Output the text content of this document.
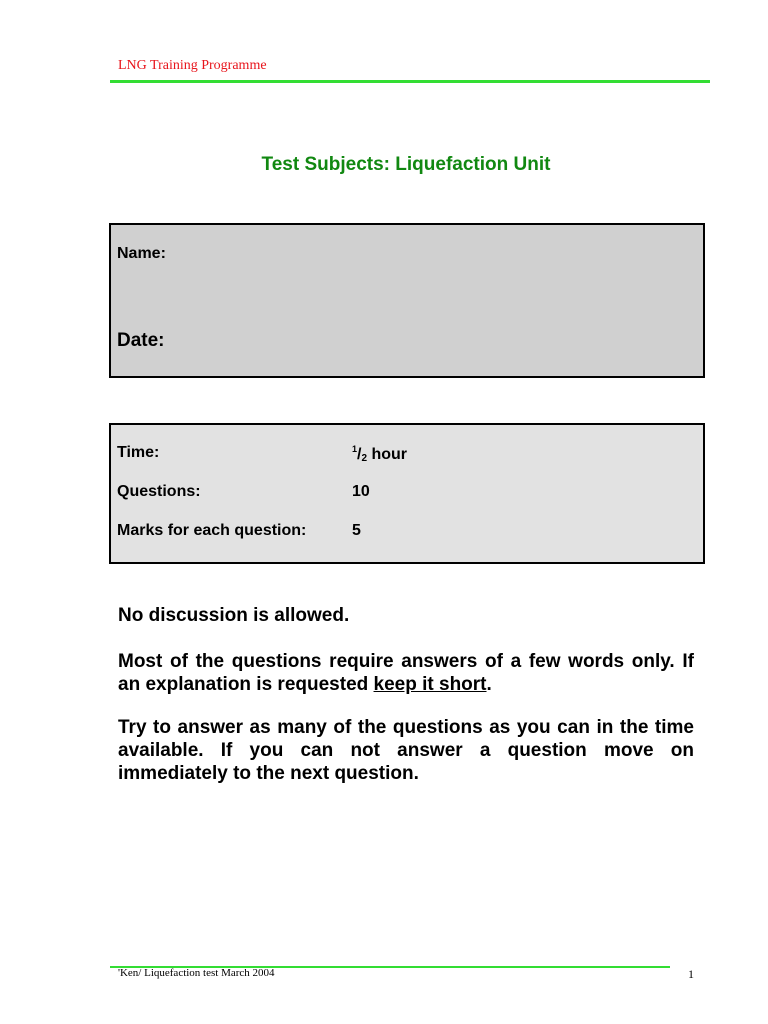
LNG Training Programme
Test Subjects: Liquefaction Unit
Name:
Date:
Time:	$^1$/2 hour
Questions:	10
Marks for each question:	5
No discussion is allowed.
Most of the questions require answers of a few words only. If an explanation is requested keep it short.
Try to answer as many of the questions as you can in the time available. If you can not answer a question move on immediately to the next question.
'Ken/ Liquefaction test March 2004	1
